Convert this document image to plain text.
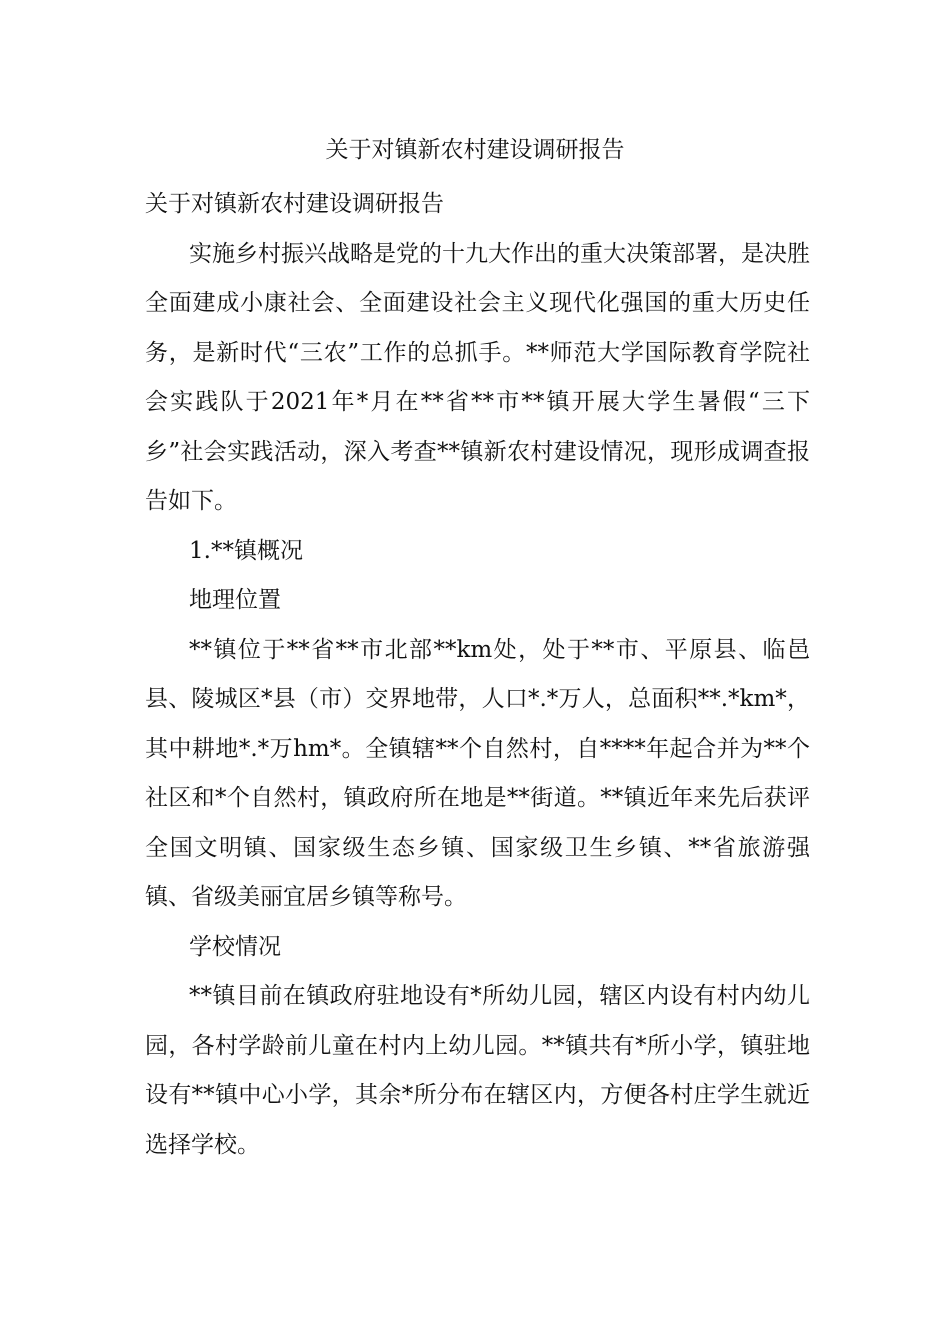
关于对镇新农村建设调研报告

关于对镇新农村建设调研报告

实施乡村振兴战略是党的十九大作出的重大决策部署，是决胜全面建成小康社会、全面建设社会主义现代化强国的重大历史任务，是新时代“三农”工作的总抓手。**师范大学国际教育学院社会实践队于2021年*月在**省**市**镇开展大学生暑假“三下乡”社会实践活动，深入考查**镇新农村建设情况，现形成调查报告如下。

1.**镇概况

地理位置

**镇位于**省**市北部**km处，处于**市、平原县、临邑县、陵城区*县（市）交界地带，人口*.*万人，总面积**.*km*，其中耕地*.*万hm*。全镇辖**个自然村，自****年起合并为**个社区和*个自然村，镇政府所在地是**街道。**镇近年来先后获评全国文明镇、国家级生态乡镇、国家级卫生乡镇、**省旅游强镇、省级美丽宜居乡镇等称号。

学校情况

**镇目前在镇政府驻地设有*所幼儿园，辖区内设有村内幼儿园，各村学龄前儿童在村内上幼儿园。**镇共有*所小学，镇驻地设有**镇中心小学，其余*所分布在辖区内，方便各村庄学生就近选择学校。
